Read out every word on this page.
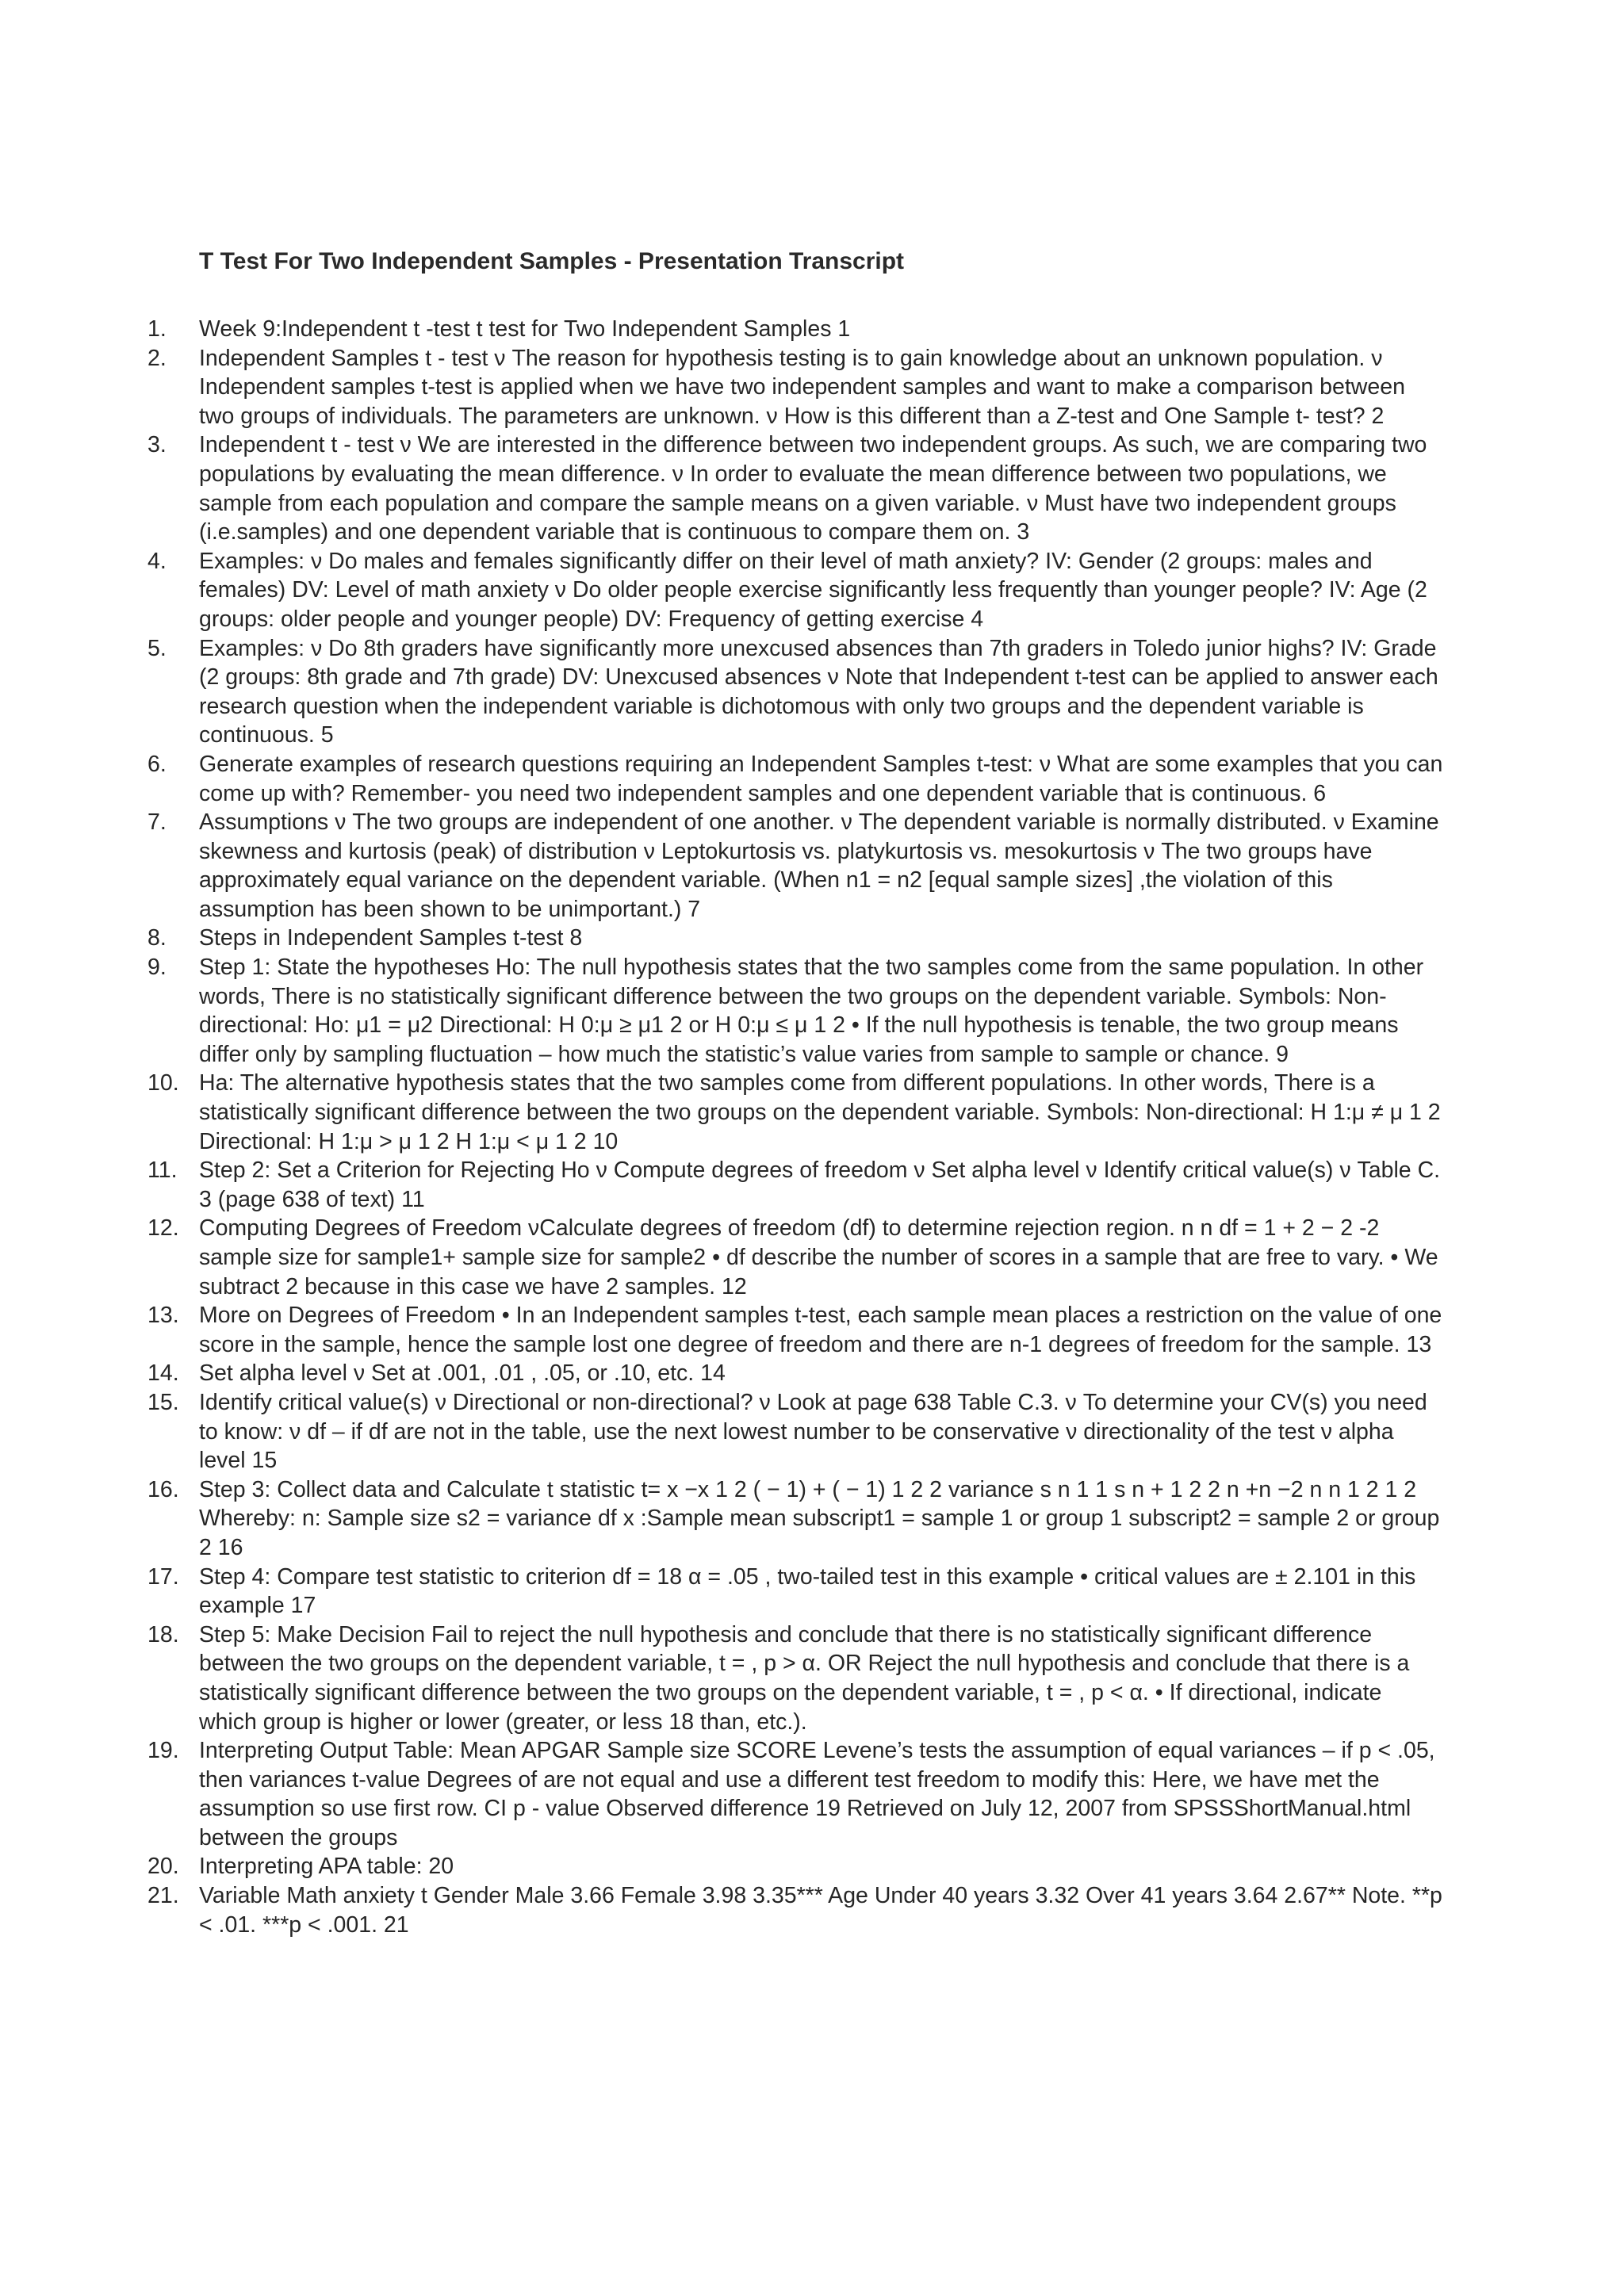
T Test For Two Independent Samples - Presentation Transcript
1. Week 9:Independent t -test t test for Two Independent Samples 1
2. Independent Samples t - test ν The reason for hypothesis testing is to gain knowledge about an unknown population. ν Independent samples t-test is applied when we have two independent samples and want to make a comparison between two groups of individuals. The parameters are unknown. ν How is this different than a Z-test and One Sample t- test? 2
3. Independent t - test ν We are interested in the difference between two independent groups. As such, we are comparing two populations by evaluating the mean difference. ν In order to evaluate the mean difference between two populations, we sample from each population and compare the sample means on a given variable. ν Must have two independent groups (i.e.samples) and one dependent variable that is continuous to compare them on. 3
4. Examples: ν Do males and females significantly differ on their level of math anxiety? IV: Gender (2 groups: males and females) DV: Level of math anxiety ν Do older people exercise significantly less frequently than younger people? IV: Age (2 groups: older people and younger people) DV: Frequency of getting exercise 4
5. Examples: ν Do 8th graders have significantly more unexcused absences than 7th graders in Toledo junior highs? IV: Grade (2 groups: 8th grade and 7th grade) DV: Unexcused absences ν Note that Independent t-test can be applied to answer each research question when the independent variable is dichotomous with only two groups and the dependent variable is continuous. 5
6. Generate examples of research questions requiring an Independent Samples t-test: ν What are some examples that you can come up with? Remember- you need two independent samples and one dependent variable that is continuous. 6
7. Assumptions ν The two groups are independent of one another. ν The dependent variable is normally distributed. ν Examine skewness and kurtosis (peak) of distribution ν Leptokurtosis vs. platykurtosis vs. mesokurtosis ν The two groups have approximately equal variance on the dependent variable. (When n1 = n2 [equal sample sizes] ,the violation of this assumption has been shown to be unimportant.) 7
8. Steps in Independent Samples t-test 8
9. Step 1: State the hypotheses Ho: The null hypothesis states that the two samples come from the same population. In other words, There is no statistically significant difference between the two groups on the dependent variable. Symbols: Non-directional: Ho: μ1 = μ2 Directional: H 0:μ ≥ μ1 2 or H 0:μ ≤ μ 1 2 • If the null hypothesis is tenable, the two group means differ only by sampling fluctuation – how much the statistic’s value varies from sample to sample or chance. 9
10. Ha: The alternative hypothesis states that the two samples come from different populations. In other words, There is a statistically significant difference between the two groups on the dependent variable. Symbols: Non-directional: H 1:μ ≠ μ 1 2 Directional: H 1:μ > μ 1 2 H 1:μ < μ 1 2 10
11. Step 2: Set a Criterion for Rejecting Ho ν Compute degrees of freedom ν Set alpha level ν Identify critical value(s) ν Table C. 3 (page 638 of text) 11
12. Computing Degrees of Freedom νCalculate degrees of freedom (df) to determine rejection region. n n df = 1 + 2 − 2 -2 sample size for sample1+ sample size for sample2 • df describe the number of scores in a sample that are free to vary. • We subtract 2 because in this case we have 2 samples. 12
13. More on Degrees of Freedom • In an Independent samples t-test, each sample mean places a restriction on the value of one score in the sample, hence the sample lost one degree of freedom and there are n-1 degrees of freedom for the sample. 13
14. Set alpha level ν Set at .001, .01 , .05, or .10, etc. 14
15. Identify critical value(s) ν Directional or non-directional? ν Look at page 638 Table C.3. ν To determine your CV(s) you need to know: ν df – if df are not in the table, use the next lowest number to be conservative ν directionality of the test ν alpha level 15
16. Step 3: Collect data and Calculate t statistic t= x −x 1 2 ( − 1) + ( − 1) 1 2 2 variance s n 1 1 s n + 1 2 2 n +n −2 n n 1 2 1 2 Whereby: n: Sample size s2 = variance df x :Sample mean subscript1 = sample 1 or group 1 subscript2 = sample 2 or group 2 16
17. Step 4: Compare test statistic to criterion df = 18 α = .05 , two-tailed test in this example • critical values are ± 2.101 in this example 17
18. Step 5: Make Decision Fail to reject the null hypothesis and conclude that there is no statistically significant difference between the two groups on the dependent variable, t = , p > α. OR Reject the null hypothesis and conclude that there is a statistically significant difference between the two groups on the dependent variable, t = , p < α. • If directional, indicate which group is higher or lower (greater, or less 18 than, etc.).
19. Interpreting Output Table: Mean APGAR Sample size SCORE Levene’s tests the assumption of equal variances – if p < .05, then variances t-value Degrees of are not equal and use a different test freedom to modify this: Here, we have met the assumption so use first row. CI p - value Observed difference 19 Retrieved on July 12, 2007 from SPSSShortManual.html between the groups
20. Interpreting APA table: 20
21. Variable Math anxiety t Gender Male 3.66 Female 3.98 3.35*** Age Under 40 years 3.32 Over 41 years 3.64 2.67** Note. **p < .01. ***p < .001. 21
